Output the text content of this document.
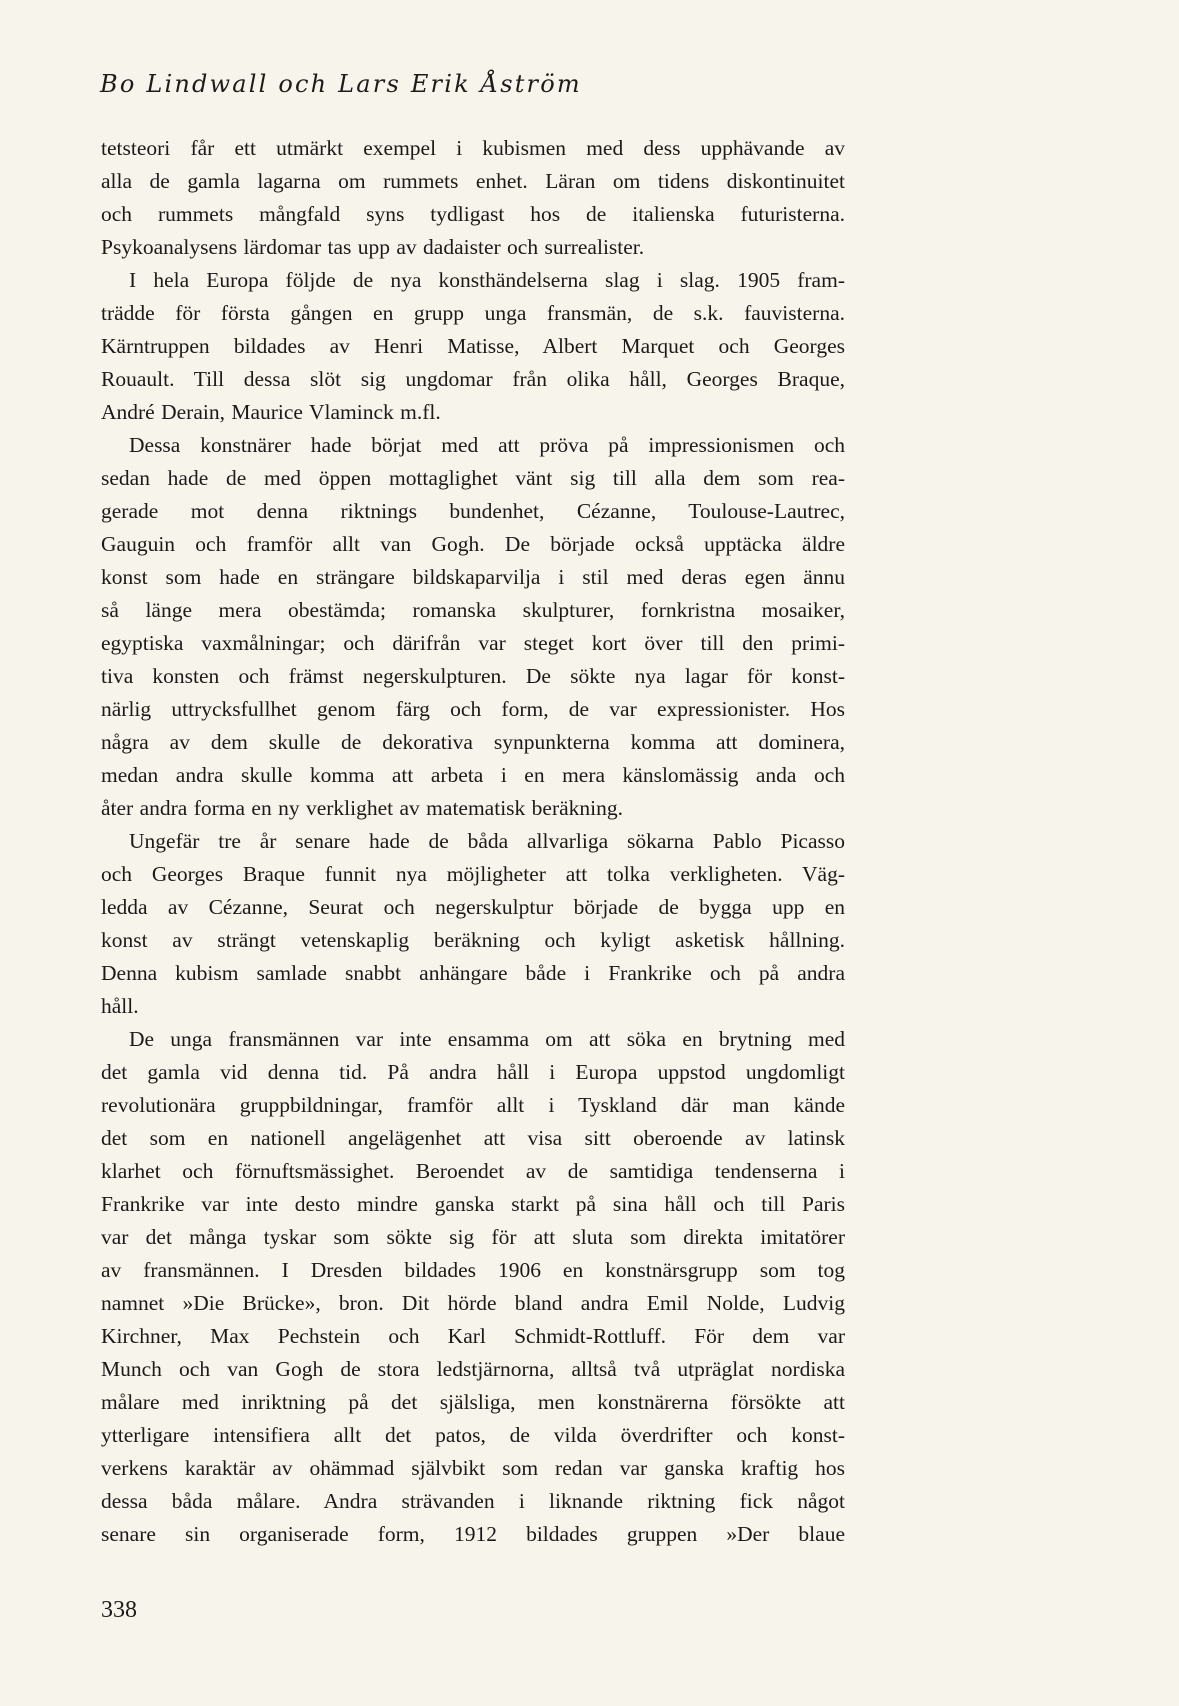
Bo Lindwall och Lars Erik Åström
tetsteori får ett utmärkt exempel i kubismen med dess upphävande av
alla de gamla lagarna om rummets enhet. Läran om tidens diskontinuitet
och rummets mångfald syns tydligast hos de italienska futuristerna.
Psykoanalysens lärdomar tas upp av dadaister och surrealister.
I hela Europa följde de nya konsthändelserna slag i slag. 1905 fram-
trädde för första gången en grupp unga fransmän, de s.k. fauvisterna.
Kärntruppen bildades av Henri Matisse, Albert Marquet och Georges
Rouault. Till dessa slöt sig ungdomar från olika håll, Georges Braque,
André Derain, Maurice Vlaminck m.fl.
Dessa konstnärer hade börjat med att pröva på impressionismen och
sedan hade de med öppen mottaglighet vänt sig till alla dem som rea-
gerade mot denna riktnings bundenhet, Cézanne, Toulouse-Lautrec,
Gauguin och framför allt van Gogh. De började också upptäcka äldre
konst som hade en strängare bildskaparvilja i stil med deras egen ännu
så länge mera obestämda; romanska skulpturer, fornkristna mosaiker,
egyptiska vaxmålningar; och därifrån var steget kort över till den primi-
tiva konsten och främst negerskulpturen. De sökte nya lagar för konst-
närlig uttrycksfullhet genom färg och form, de var expressionister. Hos
några av dem skulle de dekorativa synpunkterna komma att dominera,
medan andra skulle komma att arbeta i en mera känslomässig anda och
åter andra forma en ny verklighet av matematisk beräkning.
Ungefär tre år senare hade de båda allvarliga sökarna Pablo Picasso
och Georges Braque funnit nya möjligheter att tolka verkligheten. Väg-
ledda av Cézanne, Seurat och negerskulptur började de bygga upp en
konst av strängt vetenskaplig beräkning och kyligt asketisk hållning.
Denna kubism samlade snabbt anhängare både i Frankrike och på andra
håll.
De unga fransmännen var inte ensamma om att söka en brytning med
det gamla vid denna tid. På andra håll i Europa uppstod ungdomligt
revolutionära gruppbildningar, framför allt i Tyskland där man kände
det som en nationell angelägenhet att visa sitt oberoende av latinsk
klarhet och förnuftsmässighet. Beroendet av de samtidiga tendenserna i
Frankrike var inte desto mindre ganska starkt på sina håll och till Paris
var det många tyskar som sökte sig för att sluta som direkta imitatörer
av fransmännen. I Dresden bildades 1906 en konstnärsgrupp som tog
namnet »Die Brücke», bron. Dit hörde bland andra Emil Nolde, Ludvig
Kirchner, Max Pechstein och Karl Schmidt-Rottluff. För dem var
Munch och van Gogh de stora ledstjärnorna, alltså två utpräglat nordiska
målare med inriktning på det själsliga, men konstnärerna försökte att
ytterligare intensifiera allt det patos, de vilda överdrifter och konst-
verkens karaktär av ohämmad självbikt som redan var ganska kraftig hos
dessa båda målare. Andra strävanden i liknande riktning fick något
senare sin organiserade form, 1912 bildades gruppen »Der blaue
338
